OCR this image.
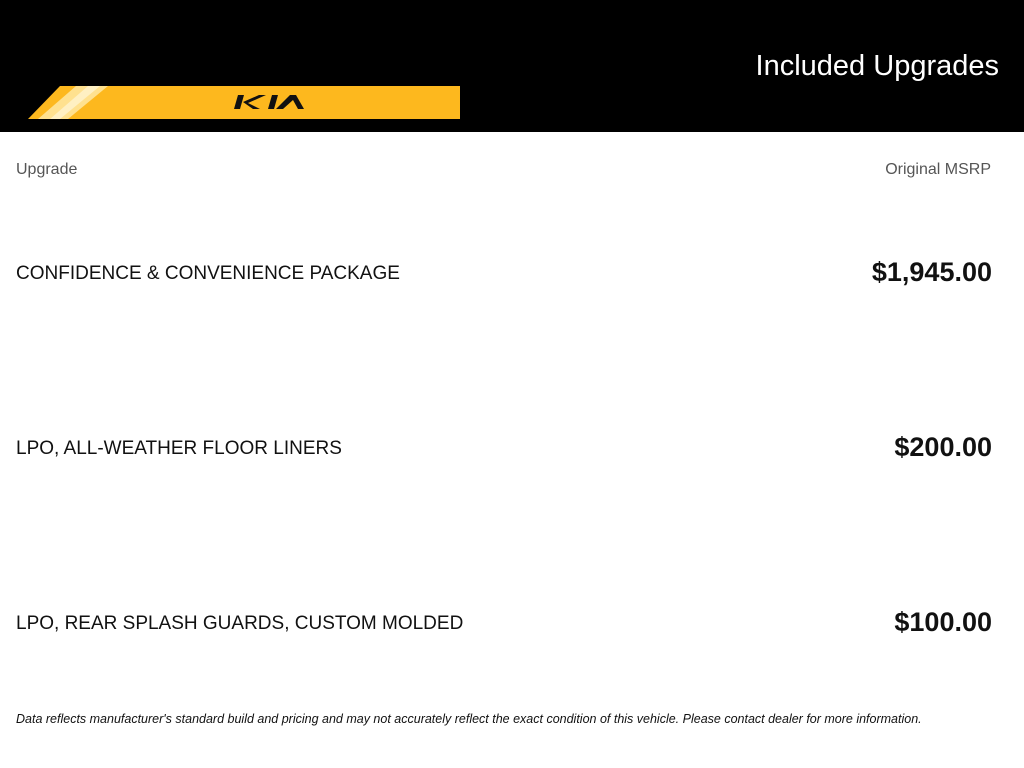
Included Upgrades
Upgrade	Original MSRP
CONFIDENCE & CONVENIENCE PACKAGE	$1,945.00
LPO, ALL-WEATHER FLOOR LINERS	$200.00
LPO, REAR SPLASH GUARDS, CUSTOM MOLDED	$100.00
Data reflects manufacturer's standard build and pricing and may not accurately reflect the exact condition of this vehicle. Please contact dealer for more information.
